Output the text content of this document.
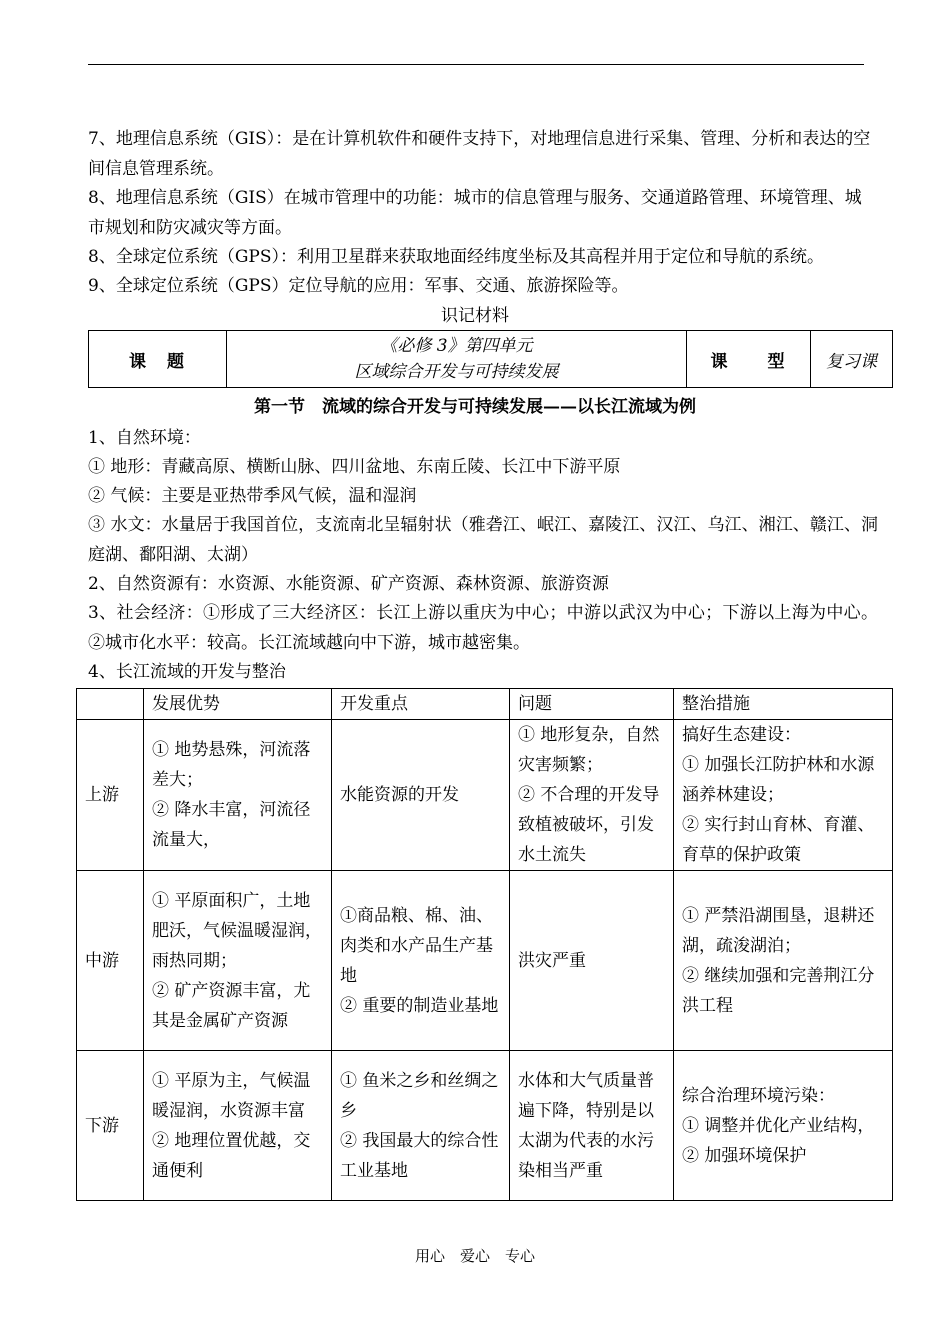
7、地理信息系统（GIS）：是在计算机软件和硬件支持下，对地理信息进行采集、管理、分析和表达的空间信息管理系统。

8、地理信息系统（GIS）在城市管理中的功能：城市的信息管理与服务、交通道路管理、环境管理、城市规划和防灾减灾等方面。

8、全球定位系统（GPS）：利用卫星群来获取地面经纬度坐标及其高程并用于定位和导航的系统。

9、全球定位系统（GPS）定位导航的应用：军事、交通、旅游探险等。

识记材料

课　题	
《必修 3》第四单元
区域综合开发与可持续发展
	课　　型	复习课

第一节　流域的综合开发与可持续发展——以长江流域为例

1、自然环境：

① 地形：青藏高原、横断山脉、四川盆地、东南丘陵、长江中下游平原

② 气候：主要是亚热带季风气候，温和湿润

③ 水文：水量居于我国首位，支流南北呈辐射状（雅砻江、岷江、嘉陵江、汉江、乌江、湘江、赣江、洞庭湖、鄱阳湖、太湖）

2、自然资源有：水资源、水能资源、矿产资源、森林资源、旅游资源

3、社会经济：①形成了三大经济区：长江上游以重庆为中心；中游以武汉为中心；下游以上海为中心。②城市化水平：较高。长江流域越向中下游，城市越密集。

4、长江流域的开发与整治

	发展优势	开发重点	问题	整治措施
上游	① 地势悬殊，河流落差大；
② 降水丰富，河流径流量大，	水能资源的开发	① 地形复杂，自然灾害频繁；
② 不合理的开发导致植被破坏，引发水土流失	搞好生态建设：
① 加强长江防护林和水源涵养林建设；
② 实行封山育林、育灌、育草的保护政策

中游	① 平原面积广，土地肥沃，气候温暖湿润，雨热同期；
② 矿产资源丰富，尤其是金属矿产资源	①商品粮、棉、油、肉类和水产品生产基地
② 重要的制造业基地	洪灾严重	① 严禁沿湖围垦，退耕还湖，疏浚湖泊；
② 继续加强和完善荆江分洪工程

下游	① 平原为主，气候温暖湿润，水资源丰富
② 地理位置优越，交通便利	① 鱼米之乡和丝绸之乡
② 我国最大的综合性工业基地	水体和大气质量普遍下降，特别是以太湖为代表的水污染相当严重	综合治理环境污染：
① 调整并优化产业结构，
② 加强环境保护

用心　爱心　专心
